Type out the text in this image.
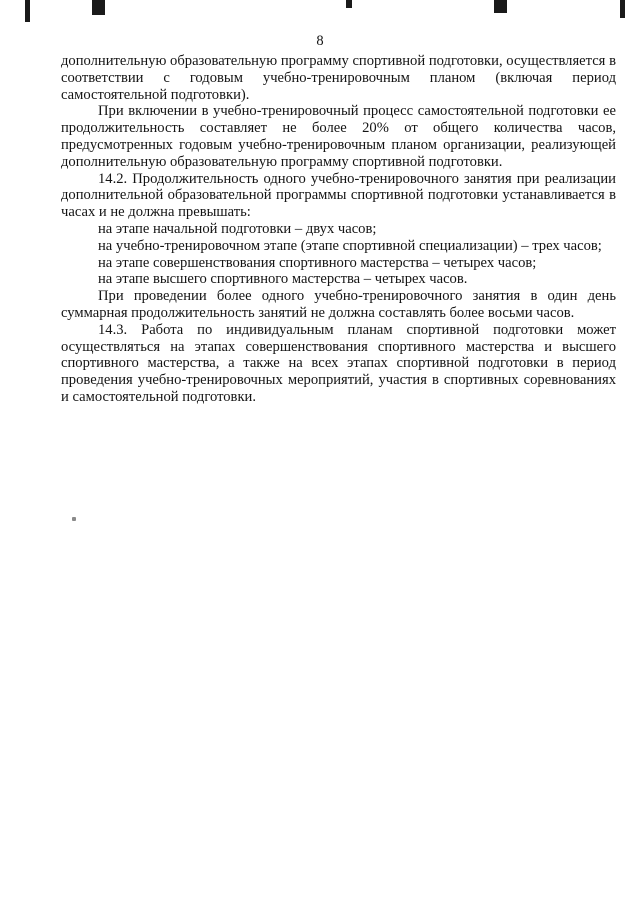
8

дополнительную образовательную программу спортивной подготовки, осуществляется в соответствии с годовым учебно-тренировочным планом (включая период самостоятельной подготовки).

При включении в учебно-тренировочный процесс самостоятельной подготовки ее продолжительность составляет не более 20% от общего количества часов, предусмотренных годовым учебно-тренировочным планом организации, реализующей дополнительную образовательную программу спортивной подготовки.

14.2. Продолжительность одного учебно-тренировочного занятия при реализации дополнительной образовательной программы спортивной подготовки устанавливается в часах и не должна превышать:

на этапе начальной подготовки – двух часов;

на учебно-тренировочном этапе (этапе спортивной специализации) – трех часов;

на этапе совершенствования спортивного мастерства – четырех часов;

на этапе высшего спортивного мастерства – четырех часов.

При проведении более одного учебно-тренировочного занятия в один день суммарная продолжительность занятий не должна составлять более восьми часов.

14.3. Работа по индивидуальным планам спортивной подготовки может осуществляться на этапах совершенствования спортивного мастерства и высшего спортивного мастерства, а также на всех этапах спортивной подготовки в период проведения учебно-тренировочных мероприятий, участия в спортивных соревнованиях и самостоятельной подготовки.
